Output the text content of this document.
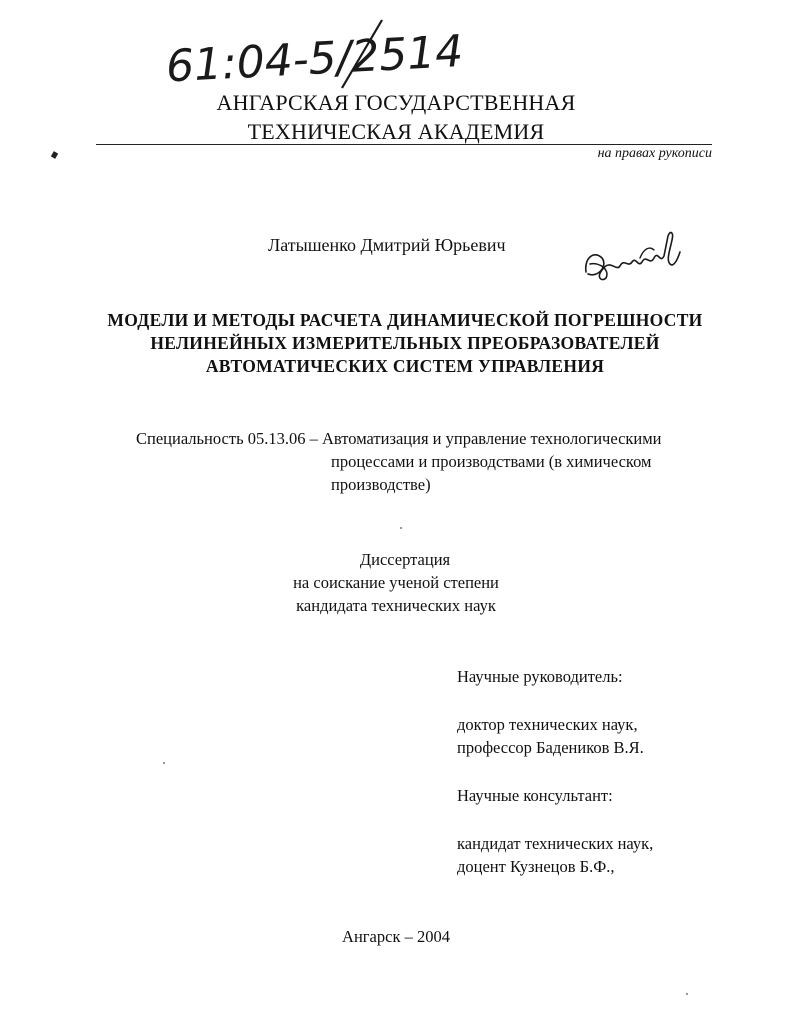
61:04-5/2514
АНГАРСКАЯ ГОСУДАРСТВЕННАЯ
ТЕХНИЧЕСКАЯ АКАДЕМИЯ
на правах рукописи
Латышенко Дмитрий Юрьевич
МОДЕЛИ И МЕТОДЫ РАСЧЕТА ДИНАМИЧЕСКОЙ ПОГРЕШНОСТИ
НЕЛИНЕЙНЫХ ИЗМЕРИТЕЛЬНЫХ ПРЕОБРАЗОВАТЕЛЕЙ
АВТОМАТИЧЕСКИХ СИСТЕМ УПРАВЛЕНИЯ
Специальность 05.13.06 – Автоматизация и управление технологическими
процессами и производствами (в химическом
производстве)
Диссертация
на соискание ученой степени
кандидата технических наук
Научные руководитель:
доктор технических наук,
профессор Бадеников В.Я.
Научные консультант:
кандидат технических наук,
доцент Кузнецов Б.Ф.,
Ангарск – 2004
